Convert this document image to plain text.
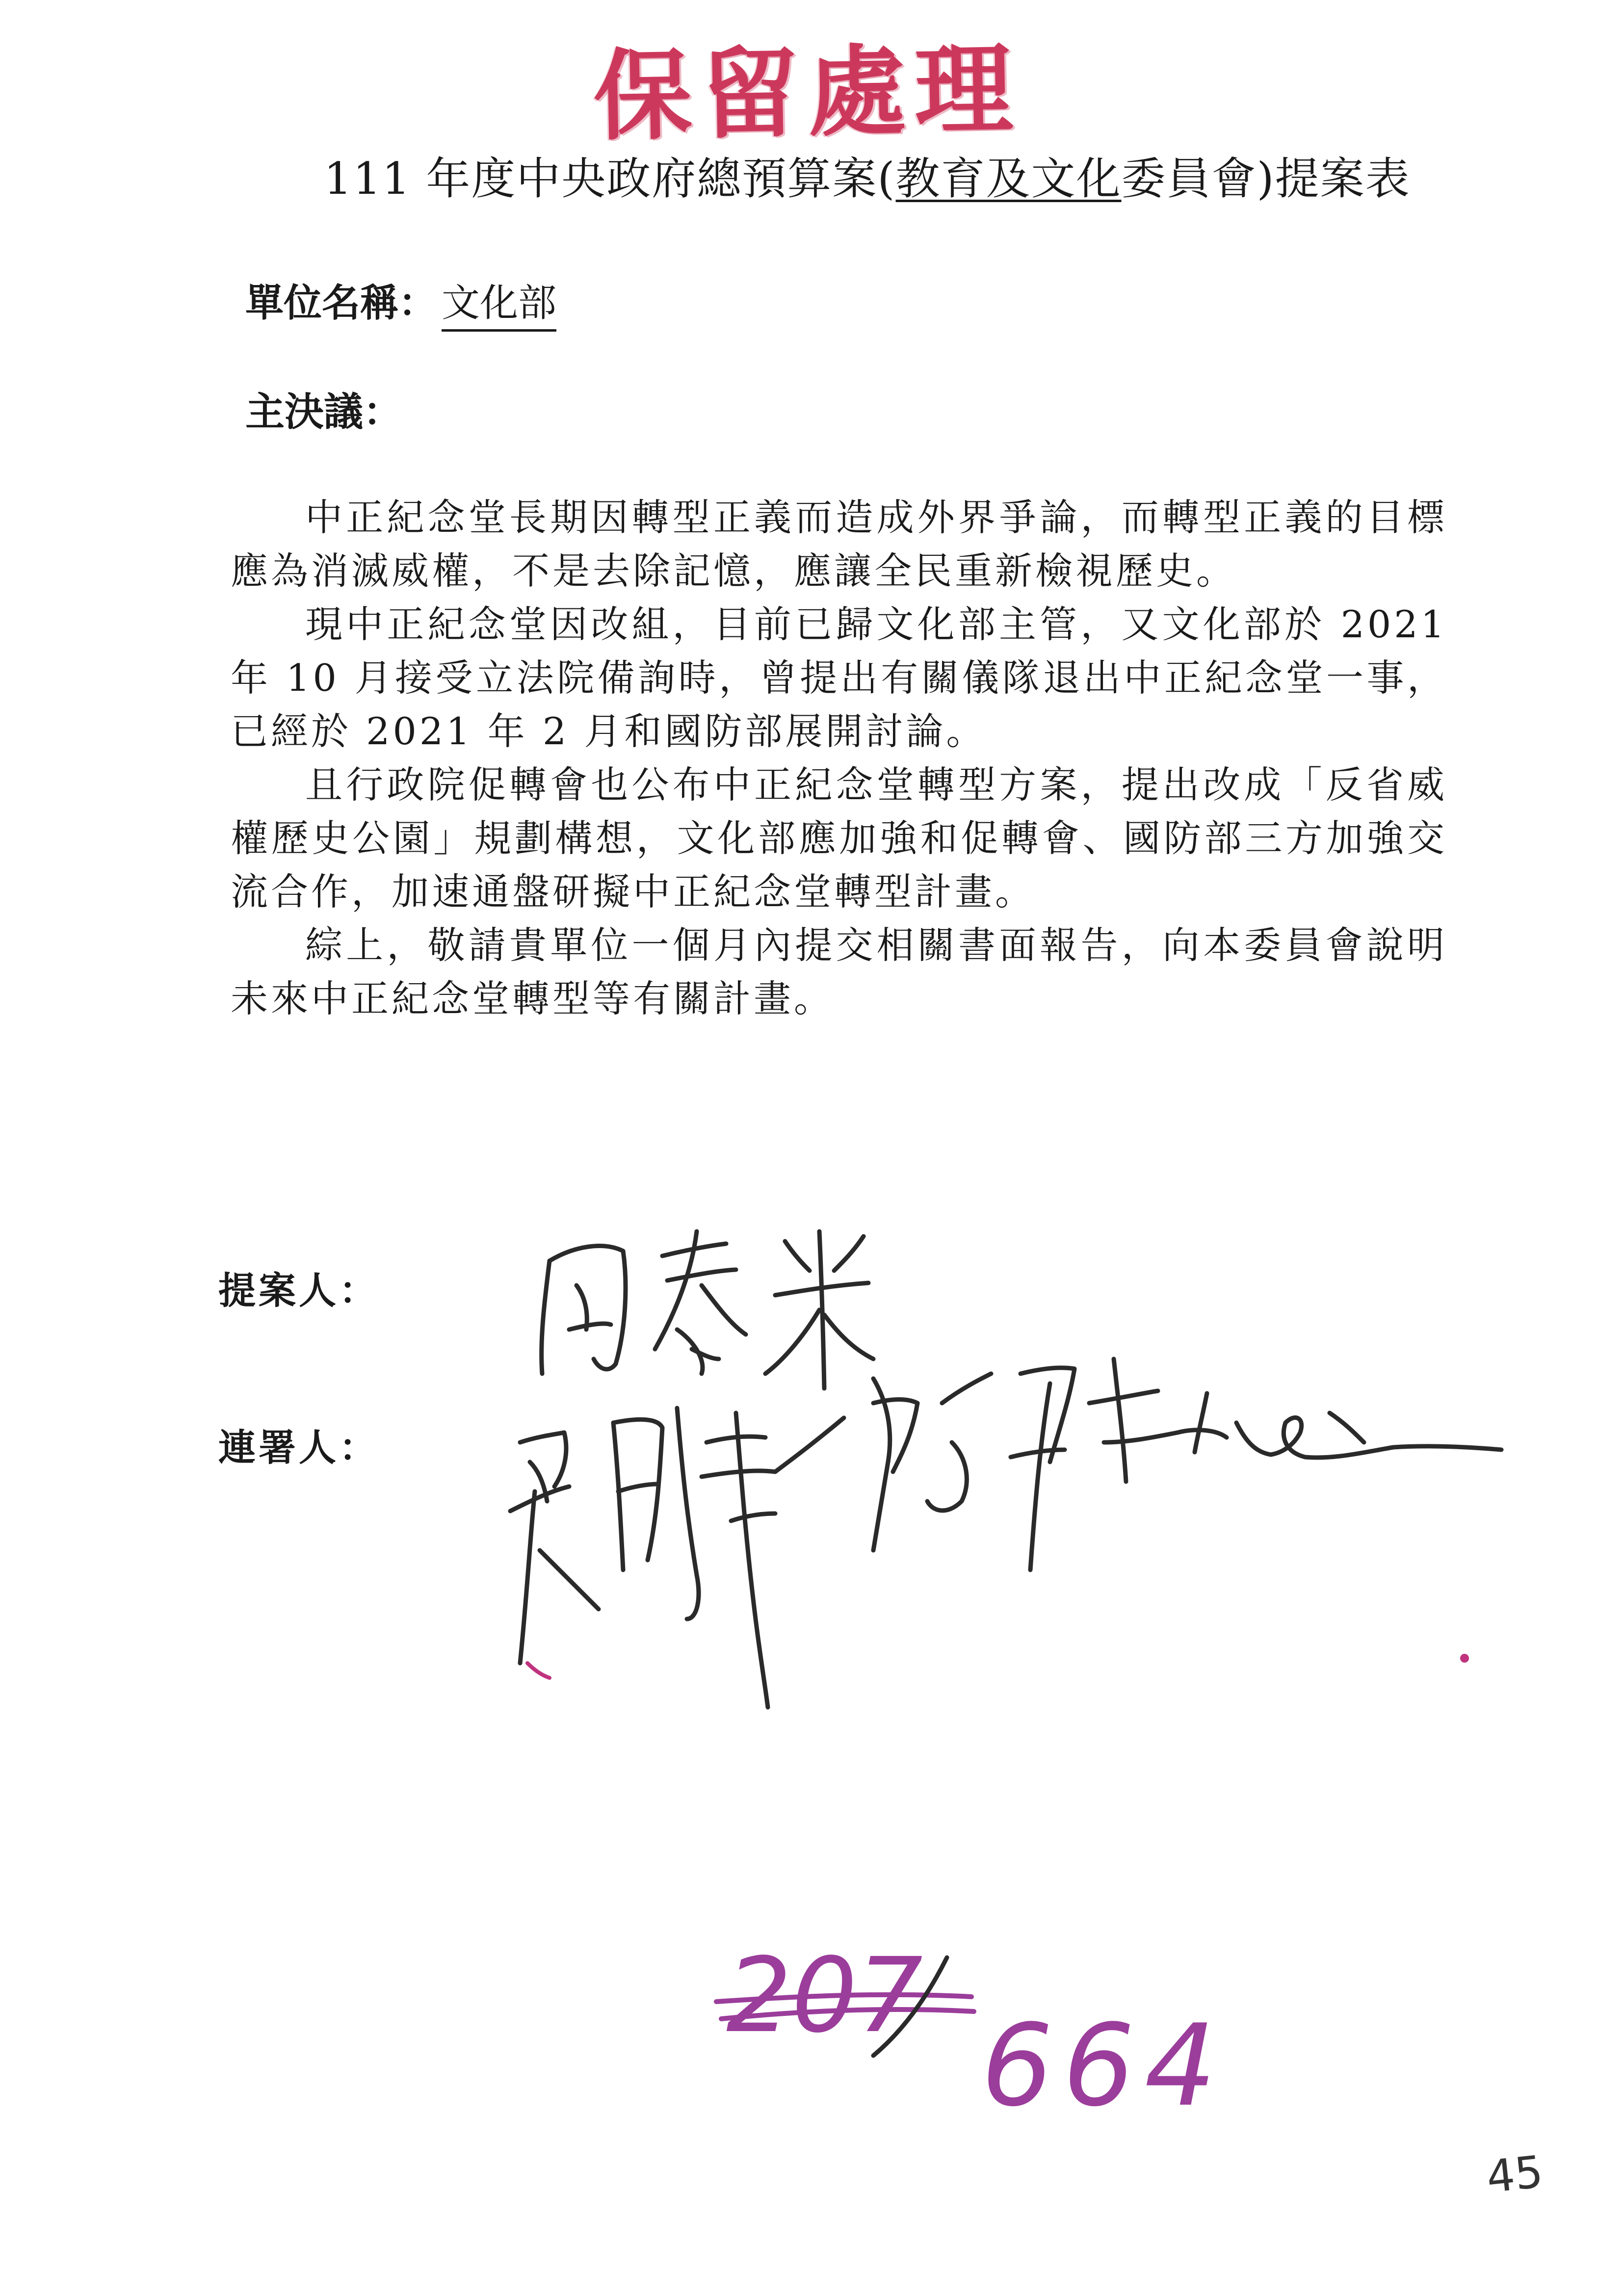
保留處理
111 年度中央政府總預算案(教育及文化委員會)提案表
單位名稱： 文化部
主決議：

中正紀念堂長期因轉型正義而造成外界爭論，而轉型正義的目標應為消滅威權，不是去除記憶，應讓全民重新檢視歷史。

現中正紀念堂因改組，目前已歸文化部主管，又文化部於 2021 年 10 月接受立法院備詢時，曾提出有關儀隊退出中正紀念堂一事，已經於 2021 年 2 月和國防部展開討論。

且行政院促轉會也公布中正紀念堂轉型方案，提出改成「反省威權歷史公園」規劃構想，文化部應加強和促轉會、國防部三方加強交流合作，加速通盤研擬中正紀念堂轉型計畫。

綜上，敬請貴單位一個月內提交相關書面報告，向本委員會說明未來中正紀念堂轉型等有關計畫。

提案人：
連署人：
207
664
45
